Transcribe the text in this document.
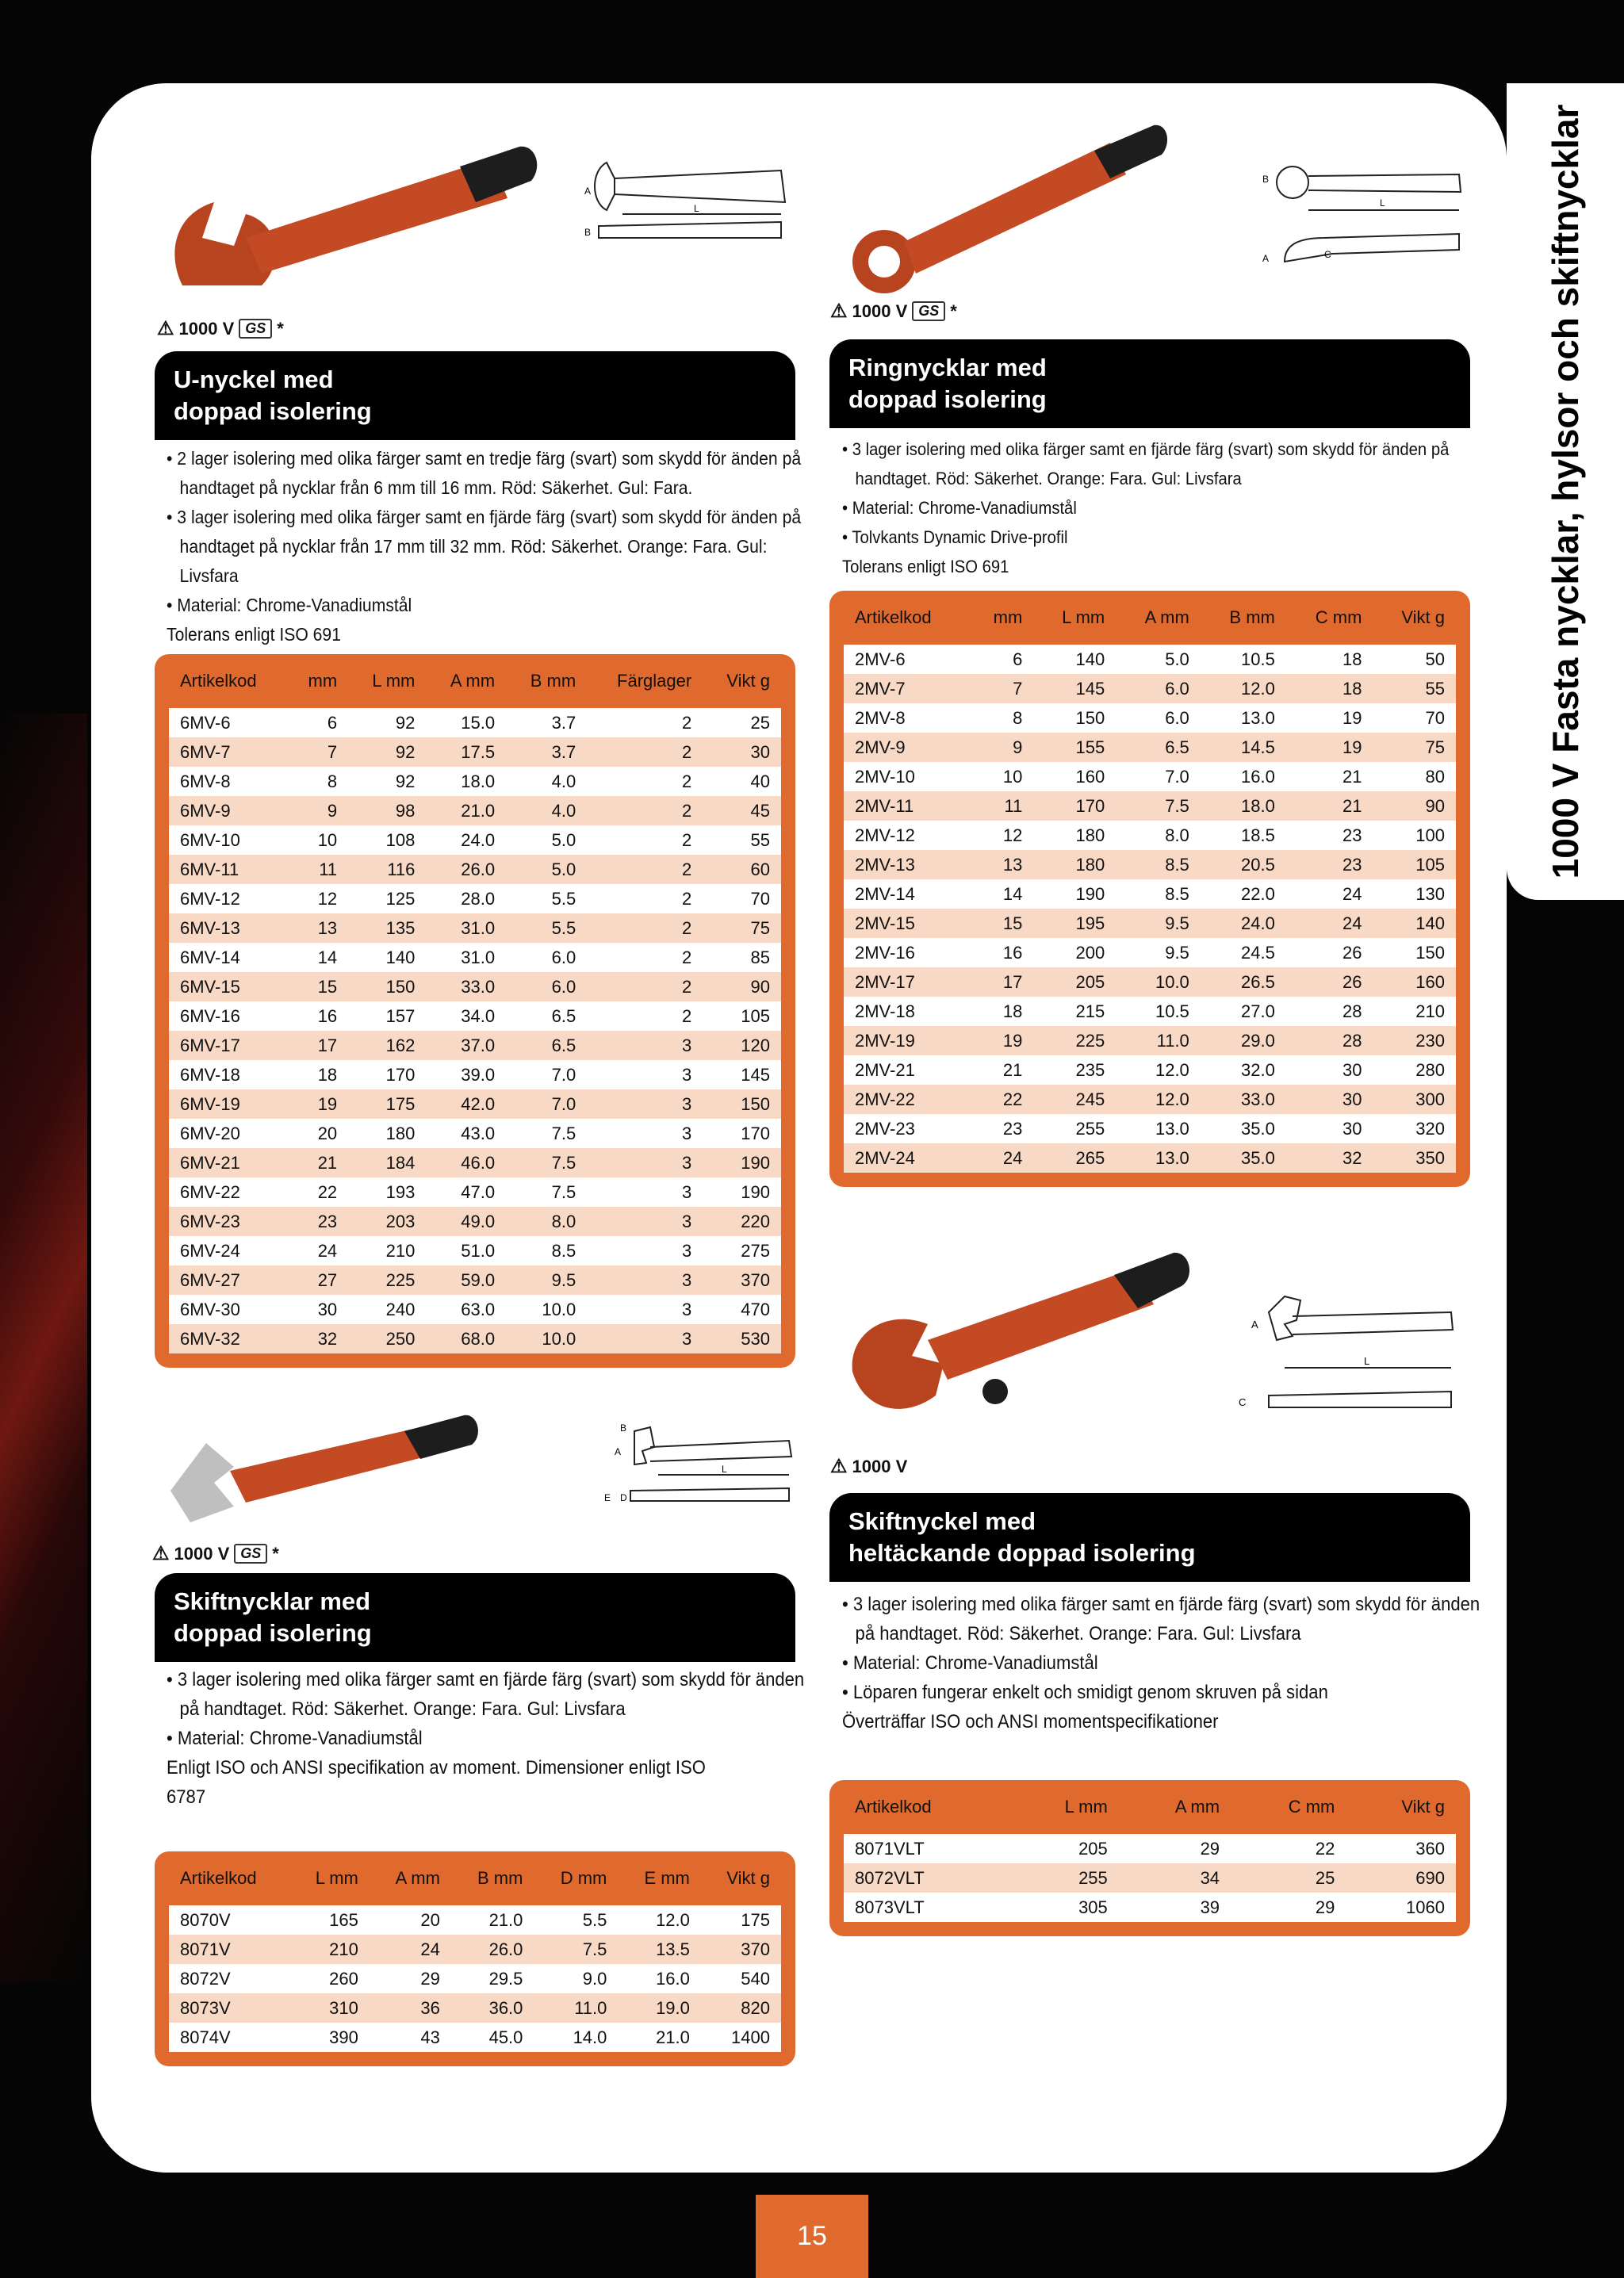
1000 V Fasta nycklar, hylsor och skiftnycklar
L
A
B
⚠ 1000 V GS *
U-nyckel med
doppad isolering
• 2 lager isolering med olika färger samt en tredje färg (svart) som skydd för änden på handtaget på nycklar från 6 mm till 16 mm. Röd: Säkerhet. Gul: Fara.
• 3 lager isolering med olika färger samt en fjärde färg (svart) som skydd för änden på handtaget på nycklar från 17 mm till 32 mm. Röd: Säkerhet. Orange: Fara. Gul: Livsfara
• Material: Chrome-Vanadiumstål
Tolerans enligt ISO 691
Artikelkod	mm	L mm	A mm	B mm	Färglager	Vikt g
6MV-6	6	92	15.0	3.7	2	25
6MV-7	7	92	17.5	3.7	2	30
6MV-8	8	92	18.0	4.0	2	40
6MV-9	9	98	21.0	4.0	2	45
6MV-10	10	108	24.0	5.0	2	55
6MV-11	11	116	26.0	5.0	2	60
6MV-12	12	125	28.0	5.5	2	70
6MV-13	13	135	31.0	5.5	2	75
6MV-14	14	140	31.0	6.0	2	85
6MV-15	15	150	33.0	6.0	2	90
6MV-16	16	157	34.0	6.5	2	105
6MV-17	17	162	37.0	6.5	3	120
6MV-18	18	170	39.0	7.0	3	145
6MV-19	19	175	42.0	7.0	3	150
6MV-20	20	180	43.0	7.5	3	170
6MV-21	21	184	46.0	7.5	3	190
6MV-22	22	193	47.0	7.5	3	190
6MV-23	23	203	49.0	8.0	3	220
6MV-24	24	210	51.0	8.5	3	275
6MV-27	27	225	59.0	9.5	3	370
6MV-30	30	240	63.0	10.0	3	470
6MV-32	32	250	68.0	10.0	3	530
L
B
A	C
⚠ 1000 V GS *
Ringnycklar med
doppad isolering
• 3 lager isolering med olika färger samt en fjärde färg (svart) som skydd för änden på handtaget. Röd: Säkerhet. Orange: Fara. Gul: Livsfara
• Material: Chrome-Vanadiumstål
• Tolvkants Dynamic Drive-profil
Tolerans enligt ISO 691
Artikelkod	mm	L mm	A mm	B mm	C mm	Vikt g
2MV-6	6	140	5.0	10.5	18	50
2MV-7	7	145	6.0	12.0	18	55
2MV-8	8	150	6.0	13.0	19	70
2MV-9	9	155	6.5	14.5	19	75
2MV-10	10	160	7.0	16.0	21	80
2MV-11	11	170	7.5	18.0	21	90
2MV-12	12	180	8.0	18.5	23	100
2MV-13	13	180	8.5	20.5	23	105
2MV-14	14	190	8.5	22.0	24	130
2MV-15	15	195	9.5	24.0	24	140
2MV-16	16	200	9.5	24.5	26	150
2MV-17	17	205	10.0	26.5	26	160
2MV-18	18	215	10.5	27.0	28	210
2MV-19	19	225	11.0	29.0	28	230
2MV-21	21	235	12.0	32.0	30	280
2MV-22	22	245	12.0	33.0	30	300
2MV-23	23	255	13.0	35.0	30	320
2MV-24	24	265	13.0	35.0	32	350
L
B
A
E D
⚠ 1000 V GS *
Skiftnycklar med
doppad isolering
• 3 lager isolering med olika färger samt en fjärde färg (svart) som skydd för änden på handtaget. Röd: Säkerhet. Orange: Fara. Gul: Livsfara
• Material: Chrome-Vanadiumstål
Enligt ISO och ANSI specifikation av moment. Dimensioner enligt ISO 6787
Artikelkod	L mm	A mm	B mm	D mm	E mm	Vikt g
8070V	165	20	21.0	5.5	12.0	175
8071V	210	24	26.0	7.5	13.5	370
8072V	260	29	29.5	9.0	16.0	540
8073V	310	36	36.0	11.0	19.0	820
8074V	390	43	45.0	14.0	21.0	1400
L
A
C
⚠ 1000 V
Skiftnyckel med
heltäckande doppad isolering
• 3 lager isolering med olika färger samt en fjärde färg (svart) som skydd för änden på handtaget. Röd: Säkerhet. Orange: Fara. Gul: Livsfara
• Material: Chrome-Vanadiumstål
• Löparen fungerar enkelt och smidigt genom skruven på sidan
Överträffar ISO och ANSI momentspecifikationer
Artikelkod	L mm	A mm	C mm	Vikt g
8071VLT	205	29	22	360
8072VLT	255	34	25	690
8073VLT	305	39	29	1060
15
